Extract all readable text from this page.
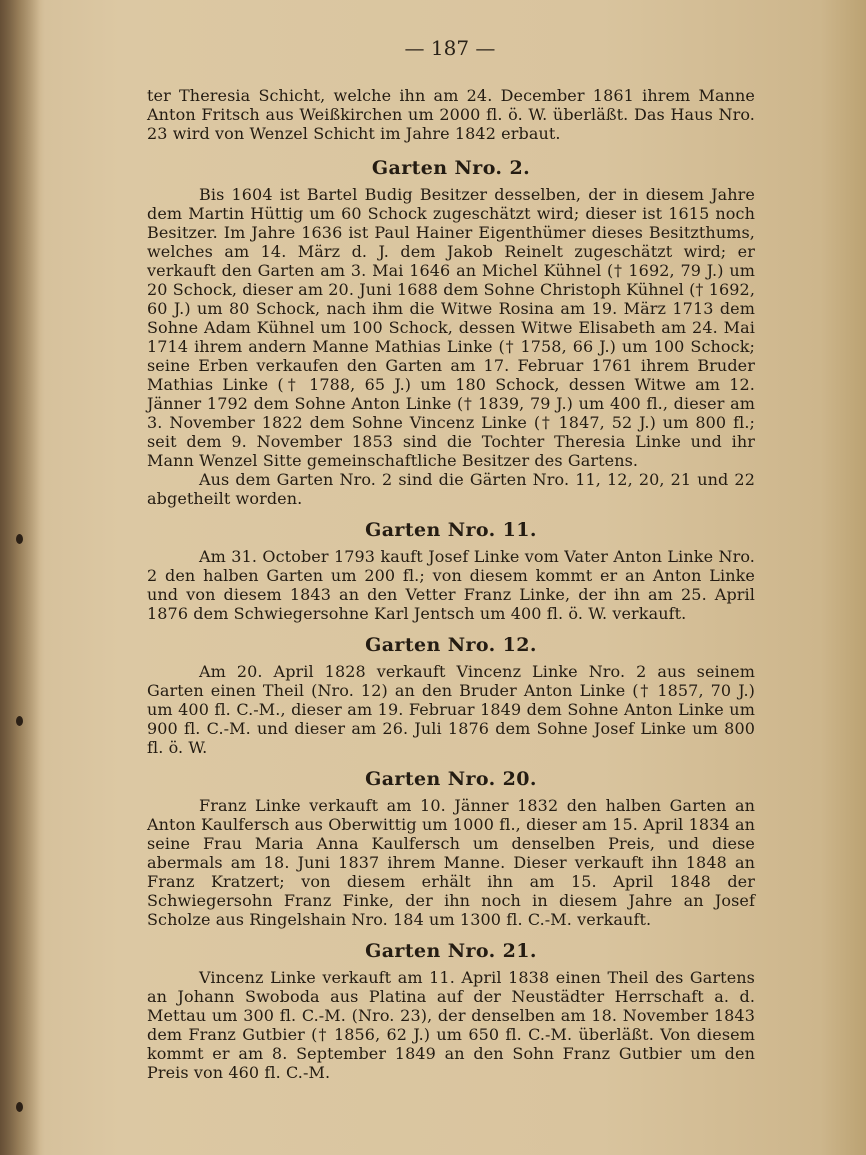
— 187 —

ter Theresia Schicht, welche ihn am 24. December 1861 ihrem Manne Anton Fritsch aus Weißkirchen um 2000 fl. ö. W. überläßt. Das Haus Nro. 23 wird von Wenzel Schicht im Jahre 1842 erbaut.

Garten Nro. 2.

Bis 1604 ist Bartel Budig Besitzer desselben, der in diesem Jahre dem Martin Hüttig um 60 Schock zugeschätzt wird; dieser ist 1615 noch Besitzer. Im Jahre 1636 ist Paul Hainer Eigenthümer dieses Besitzthums, welches am 14. März d. J. dem Jakob Reinelt zugeschätzt wird; er verkauft den Garten am 3. Mai 1646 an Michel Kühnel († 1692, 79 J.) um 20 Schock, dieser am 20. Juni 1688 dem Sohne Christoph Kühnel († 1692, 60 J.) um 80 Schock, nach ihm die Witwe Rosina am 19. März 1713 dem Sohne Adam Kühnel um 100 Schock, dessen Witwe Elisabeth am 24. Mai 1714 ihrem andern Manne Mathias Linke († 1758, 66 J.) um 100 Schock; seine Erben verkaufen den Garten am 17. Februar 1761 ihrem Bruder Mathias Linke († 1788, 65 J.) um 180 Schock, dessen Witwe am 12. Jänner 1792 dem Sohne Anton Linke († 1839, 79 J.) um 400 fl., dieser am 3. November 1822 dem Sohne Vincenz Linke († 1847, 52 J.) um 800 fl.; seit dem 9. November 1853 sind die Tochter Theresia Linke und ihr Mann Wenzel Sitte gemeinschaftliche Besitzer des Gartens.

Aus dem Garten Nro. 2 sind die Gärten Nro. 11, 12, 20, 21 und 22 abgetheilt worden.

Garten Nro. 11.

Am 31. October 1793 kauft Josef Linke vom Vater Anton Linke Nro. 2 den halben Garten um 200 fl.; von diesem kommt er an Anton Linke und von diesem 1843 an den Vetter Franz Linke, der ihn am 25. April 1876 dem Schwiegersohne Karl Jentsch um 400 fl. ö. W. verkauft.

Garten Nro. 12.

Am 20. April 1828 verkauft Vincenz Linke Nro. 2 aus seinem Garten einen Theil (Nro. 12) an den Bruder Anton Linke († 1857, 70 J.) um 400 fl. C.-M., dieser am 19. Februar 1849 dem Sohne Anton Linke um 900 fl. C.-M. und dieser am 26. Juli 1876 dem Sohne Josef Linke um 800 fl. ö. W.

Garten Nro. 20.

Franz Linke verkauft am 10. Jänner 1832 den halben Garten an Anton Kaulfersch aus Oberwittig um 1000 fl., dieser am 15. April 1834 an seine Frau Maria Anna Kaulfersch um denselben Preis, und diese abermals am 18. Juni 1837 ihrem Manne. Dieser verkauft ihn 1848 an Franz Kratzert; von diesem erhält ihn am 15. April 1848 der Schwiegersohn Franz Finke, der ihn noch in diesem Jahre an Josef Scholze aus Ringelshain Nro. 184 um 1300 fl. C.-M. verkauft.

Garten Nro. 21.

Vincenz Linke verkauft am 11. April 1838 einen Theil des Gartens an Johann Swoboda aus Platina auf der Neustädter Herrschaft a. d. Mettau um 300 fl. C.-M. (Nro. 23), der denselben am 18. November 1843 dem Franz Gutbier († 1856, 62 J.) um 650 fl. C.-M. überläßt. Von diesem kommt er am 8. September 1849 an den Sohn Franz Gutbier um den Preis von 460 fl. C.-M.
